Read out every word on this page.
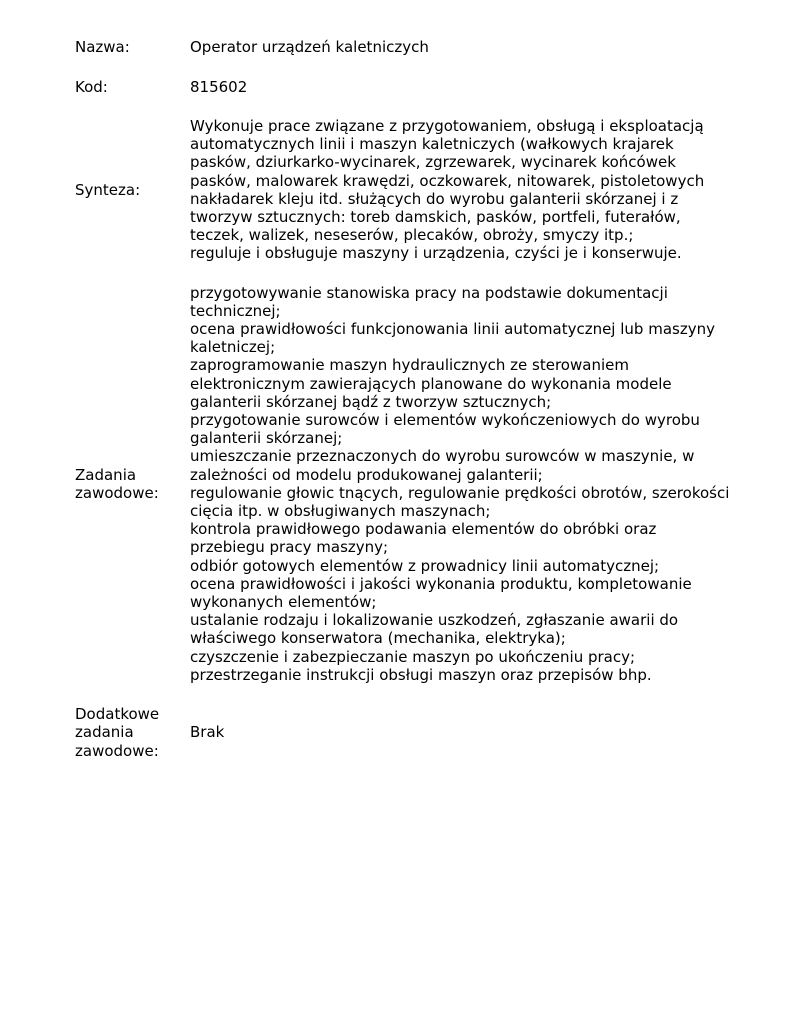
Nazwa:	Operator urządzeń kaletniczych
Kod:	815602
Synteza:
Wykonuje prace związane z przygotowaniem, obsługą i eksploatacją
automatycznych linii i maszyn kaletniczych (wałkowych krajarek
pasków, dziurkarko-wycinarek, zgrzewarek, wycinarek końcówek
pasków, malowarek krawędzi, oczkowarek, nitowarek, pistoletowych
nakładarek kleju itd. służących do wyrobu galanterii skórzanej i z
tworzyw sztucznych: toreb damskich, pasków, portfeli, futerałów,
teczek, walizek, neseserów, plecaków, obroży, smyczy itp.;
reguluje i obsługuje maszyny i urządzenia, czyści je i konserwuje.
Zadania
zawodowe:
przygotowywanie stanowiska pracy na podstawie dokumentacji
technicznej;
ocena prawidłowości funkcjonowania linii automatycznej lub maszyny
kaletniczej;
zaprogramowanie maszyn hydraulicznych ze sterowaniem
elektronicznym zawierających planowane do wykonania modele
galanterii skórzanej bądź z tworzyw sztucznych;
przygotowanie surowców i elementów wykończeniowych do wyrobu
galanterii skórzanej;
umieszczanie przeznaczonych do wyrobu surowców w maszynie, w
zależności od modelu produkowanej galanterii;
regulowanie głowic tnących, regulowanie prędkości obrotów, szerokości
cięcia itp. w obsługiwanych maszynach;
kontrola prawidłowego podawania elementów do obróbki oraz
przebiegu pracy maszyny;
odbiór gotowych elementów z prowadnicy linii automatycznej;
ocena prawidłowości i jakości wykonania produktu, kompletowanie
wykonanych elementów;
ustalanie rodzaju i lokalizowanie uszkodzeń, zgłaszanie awarii do
właściwego konserwatora (mechanika, elektryka);
czyszczenie i zabezpieczanie maszyn po ukończeniu pracy;
przestrzeganie instrukcji obsługi maszyn oraz przepisów bhp.
Dodatkowe
zadania
zawodowe:
Brak
